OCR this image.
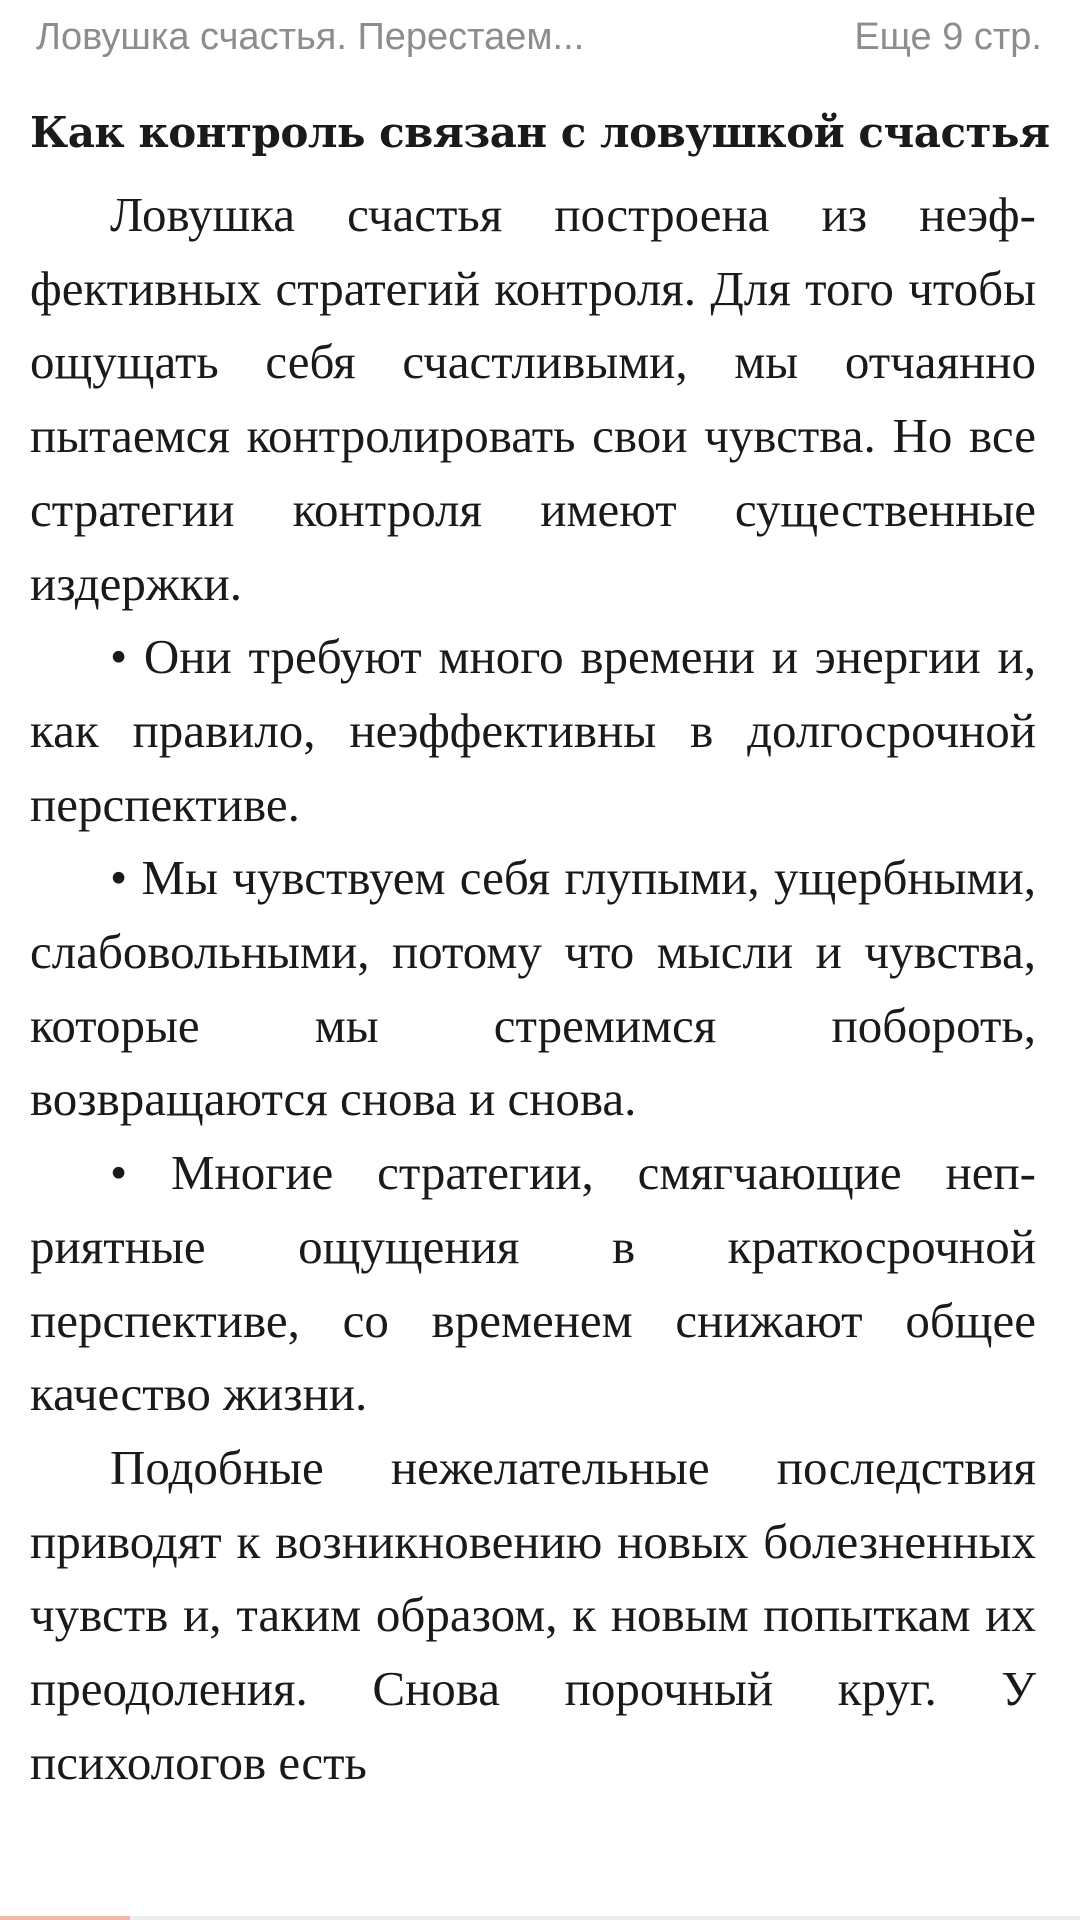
Ловушка счастья. Перестаем...	Еще 9 стр.
Как контроль связан с ловушкой счастья

Ловушка счастья построена из неэффективных стратегий контроля. Для того чтобы ощущать себя счастливыми, мы отчаянно пытаемся контролировать свои чувства. Но все стратегии контроля имеют существенные издержки.

• Они требуют много времени и энергии и, как правило, неэффективны в долгосрочной перспективе.

• Мы чувствуем себя глупыми, ущербными, слабовольными, потому что мысли и чувства, которые мы стремимся побороть, возвращаются снова и снова.

• Многие стратегии, смягчающие неприятные ощущения в краткосрочной перспективе, со временем снижают общее качество жизни.

Подобные нежелательные последствия приводят к возникновению новых болезненных чувств и, таким образом, к новым попыткам их преодоления. Снова порочный круг. У психологов есть
